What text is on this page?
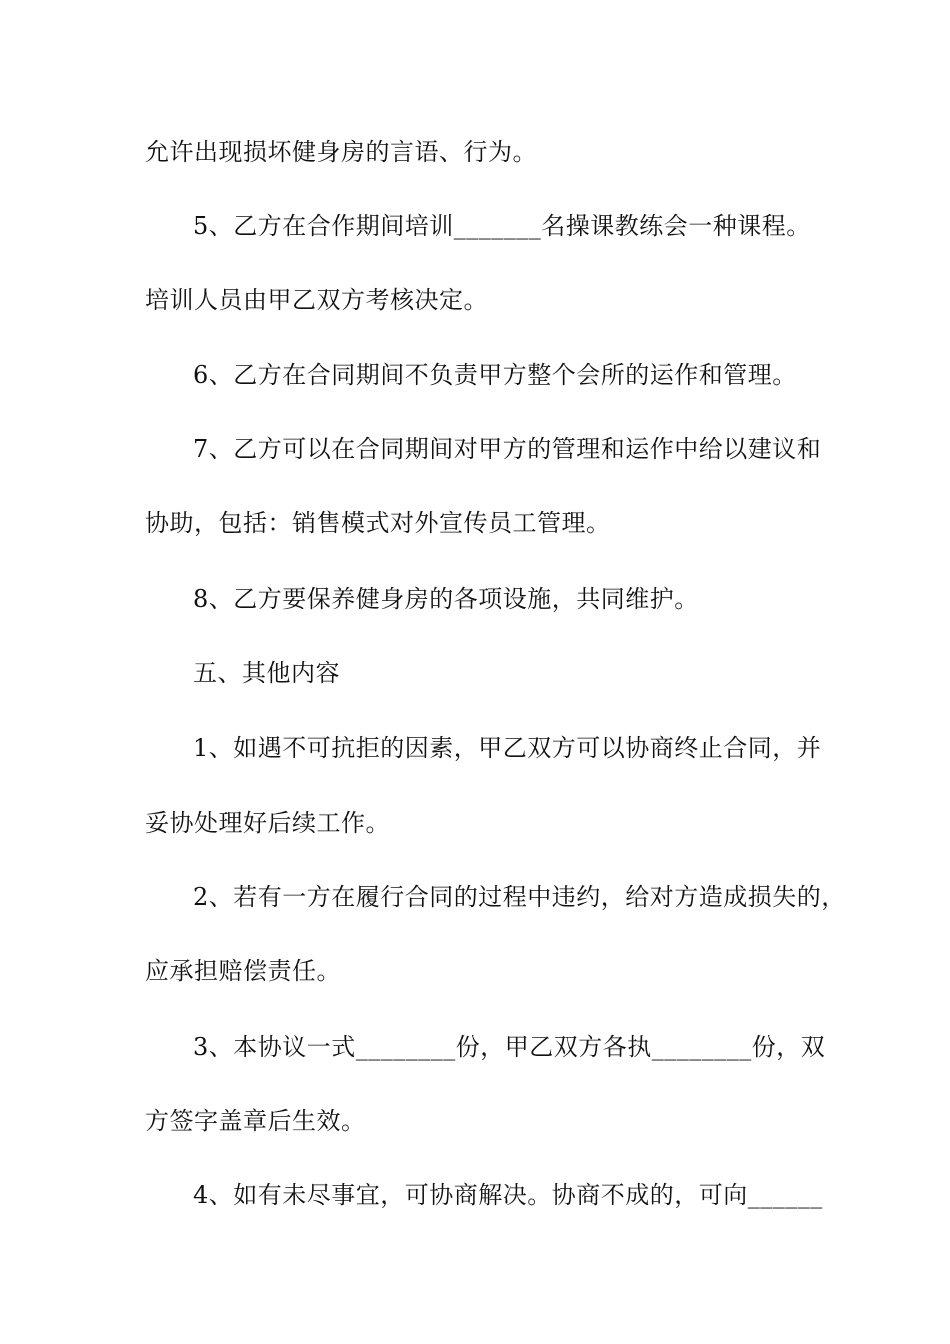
允许出现损坏健身房的言语、行为。

5、乙方在合作期间培训_______名操课教练会一种课程。

培训人员由甲乙双方考核决定。

6、乙方在合同期间不负责甲方整个会所的运作和管理。

7、乙方可以在合同期间对甲方的管理和运作中给以建议和

协助，包括：销售模式对外宣传员工管理。

8、乙方要保养健身房的各项设施，共同维护。

五、其他内容

1、如遇不可抗拒的因素，甲乙双方可以协商终止合同，并

妥协处理好后续工作。

2、若有一方在履行合同的过程中违约，给对方造成损失的，

应承担赔偿责任。

3、本协议一式________份，甲乙双方各执________份，双

方签字盖章后生效。

4、如有未尽事宜，可协商解决。协商不成的，可向______
